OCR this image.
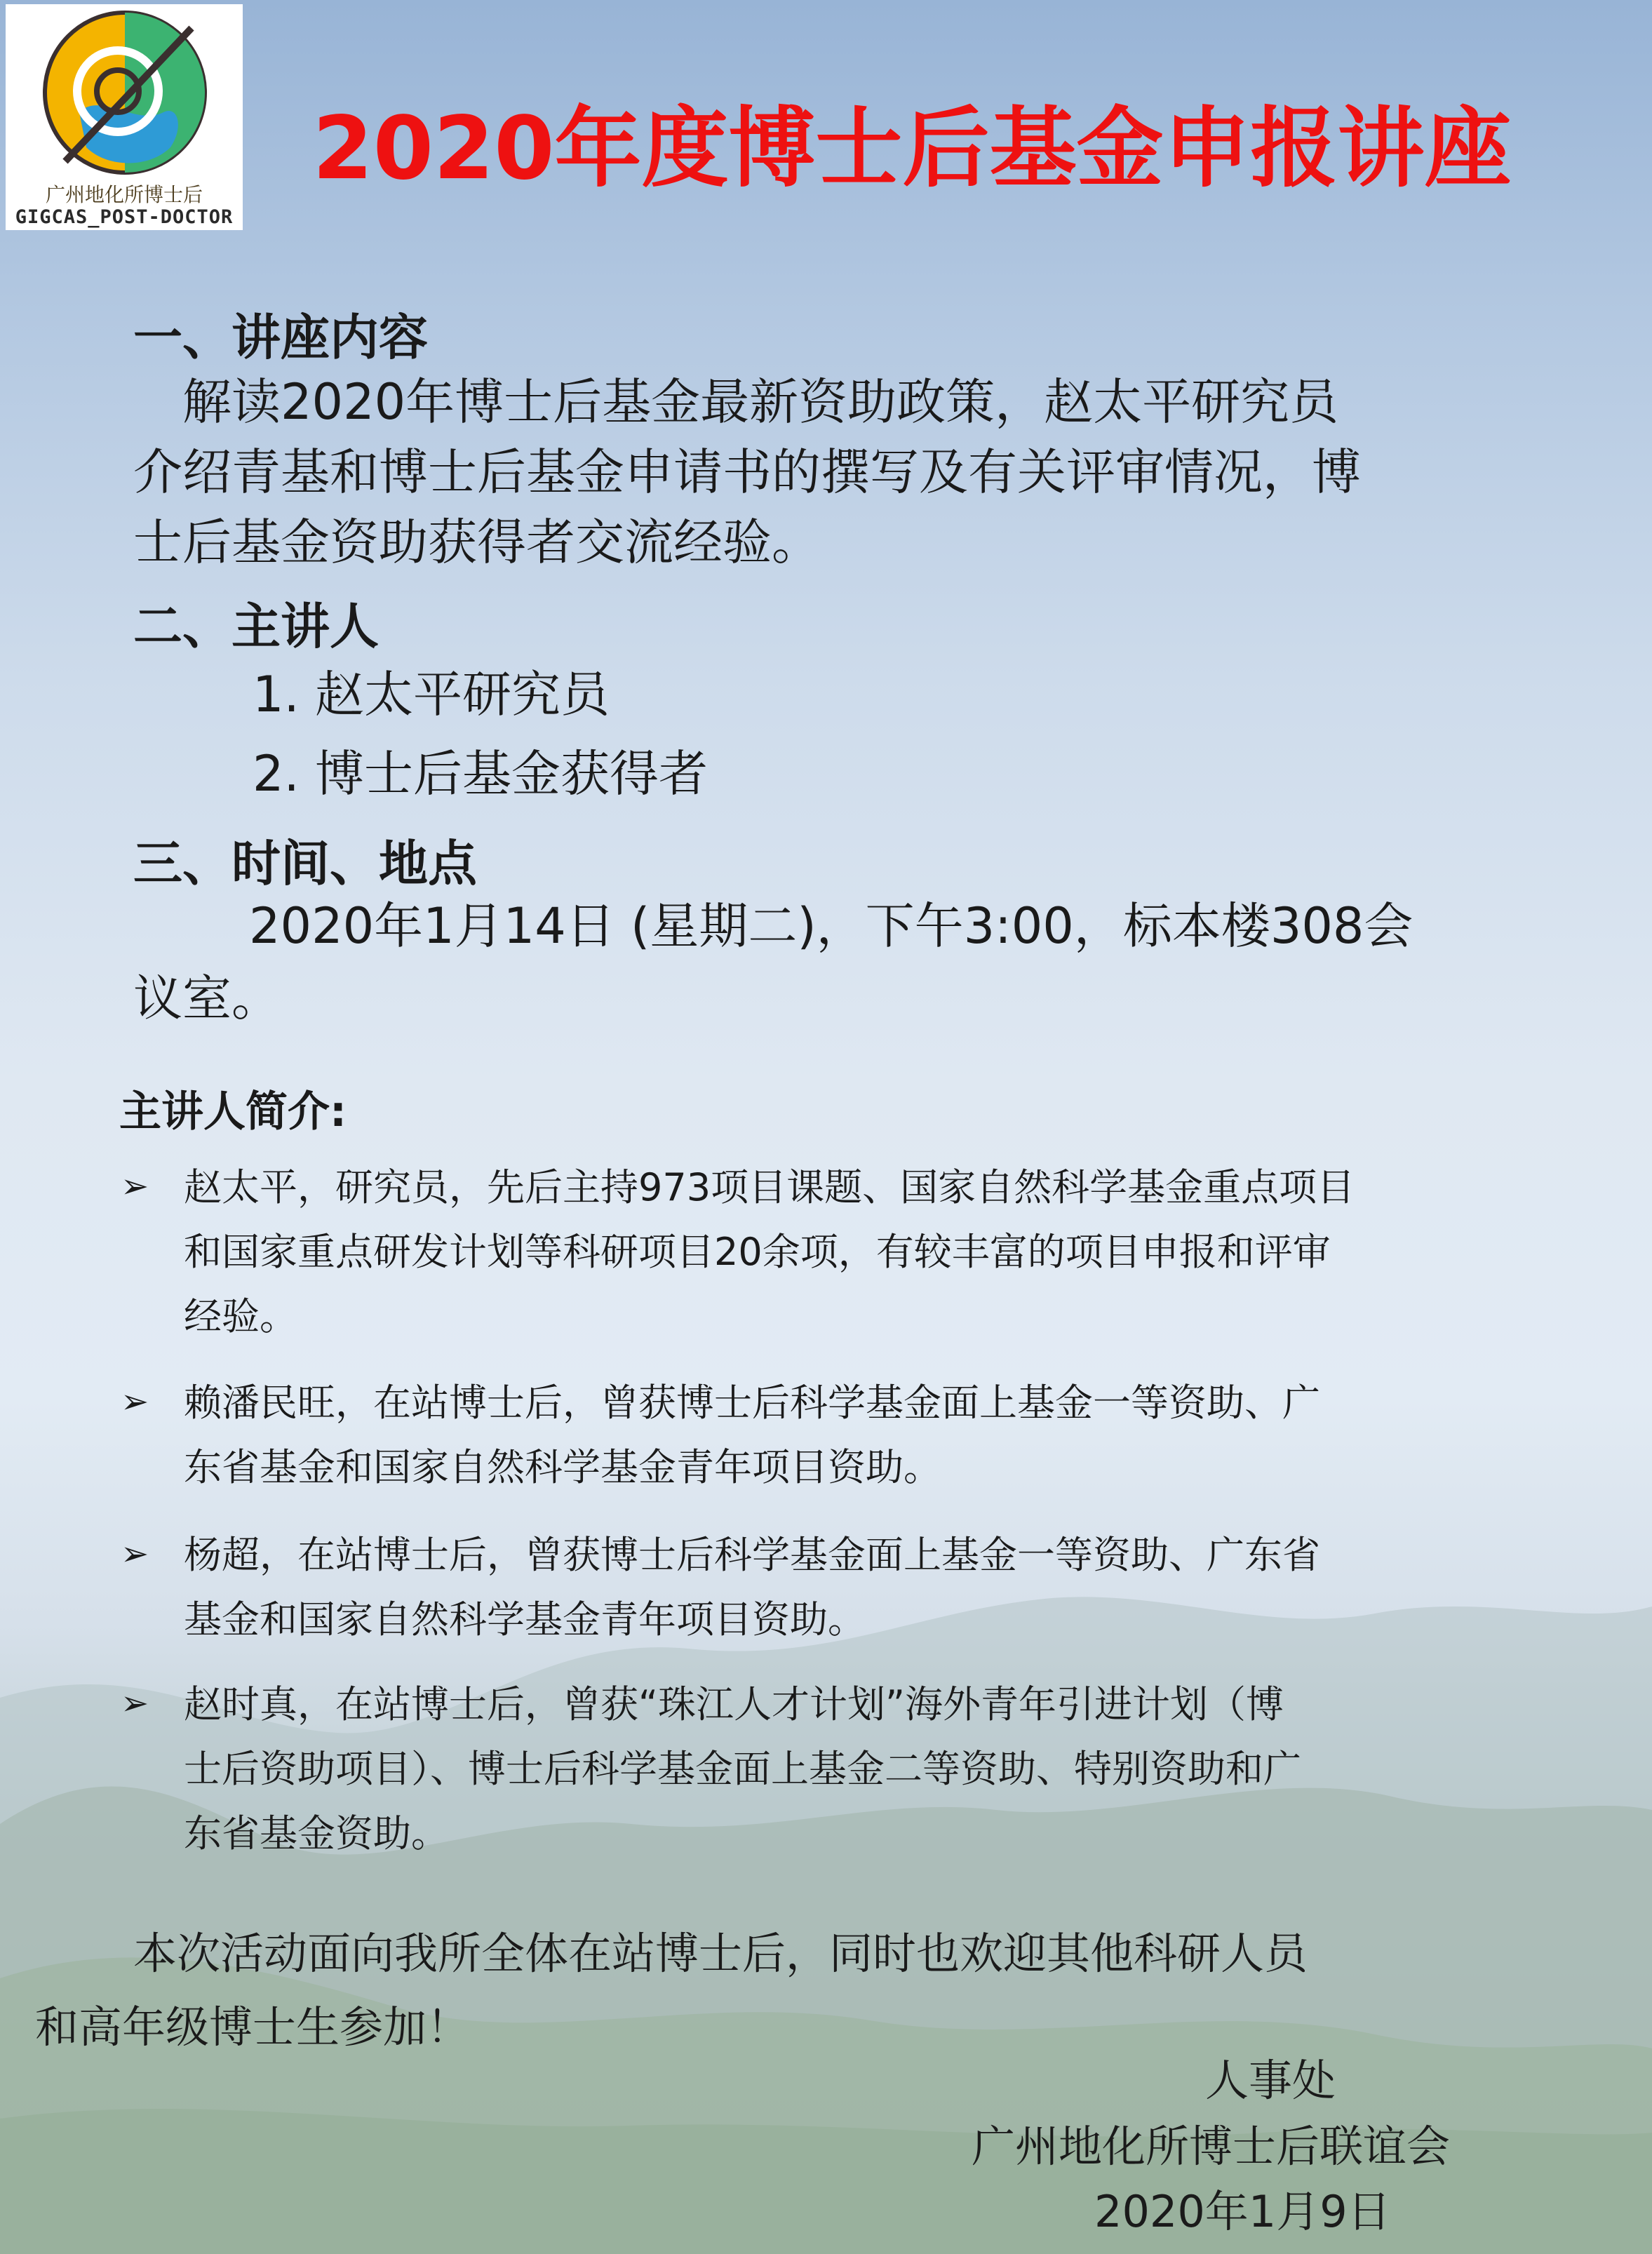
广州地化所博士后
GIGCAS_POST-DOCTOR
2020年度博士后基金申报讲座
一、讲座内容
　解读2020年博士后基金最新资助政策，赵太平研究员
介绍青基和博士后基金申请书的撰写及有关评审情况，博
士后基金资助获得者交流经验。
二、主讲人
1. 赵太平研究员
2. 博士后基金获得者
三、时间、地点
2020年1月14日 (星期二)，下午3:00，标本楼308会
议室。
主讲人简介:
➢ 赵太平，研究员，先后主持973项目课题、国家自然科学基金重点项目
和国家重点研发计划等科研项目20余项，有较丰富的项目申报和评审
经验。
➢ 赖潘民旺，在站博士后，曾获博士后科学基金面上基金一等资助、广
东省基金和国家自然科学基金青年项目资助。
➢ 杨超，在站博士后，曾获博士后科学基金面上基金一等资助、广东省
基金和国家自然科学基金青年项目资助。
➢ 赵时真，在站博士后，曾获“珠江人才计划”海外青年引进计划（博
士后资助项目）、博士后科学基金面上基金二等资助、特别资助和广
东省基金资助。
本次活动面向我所全体在站博士后，同时也欢迎其他科研人员
和高年级博士生参加！
人事处
广州地化所博士后联谊会
2020年1月9日
